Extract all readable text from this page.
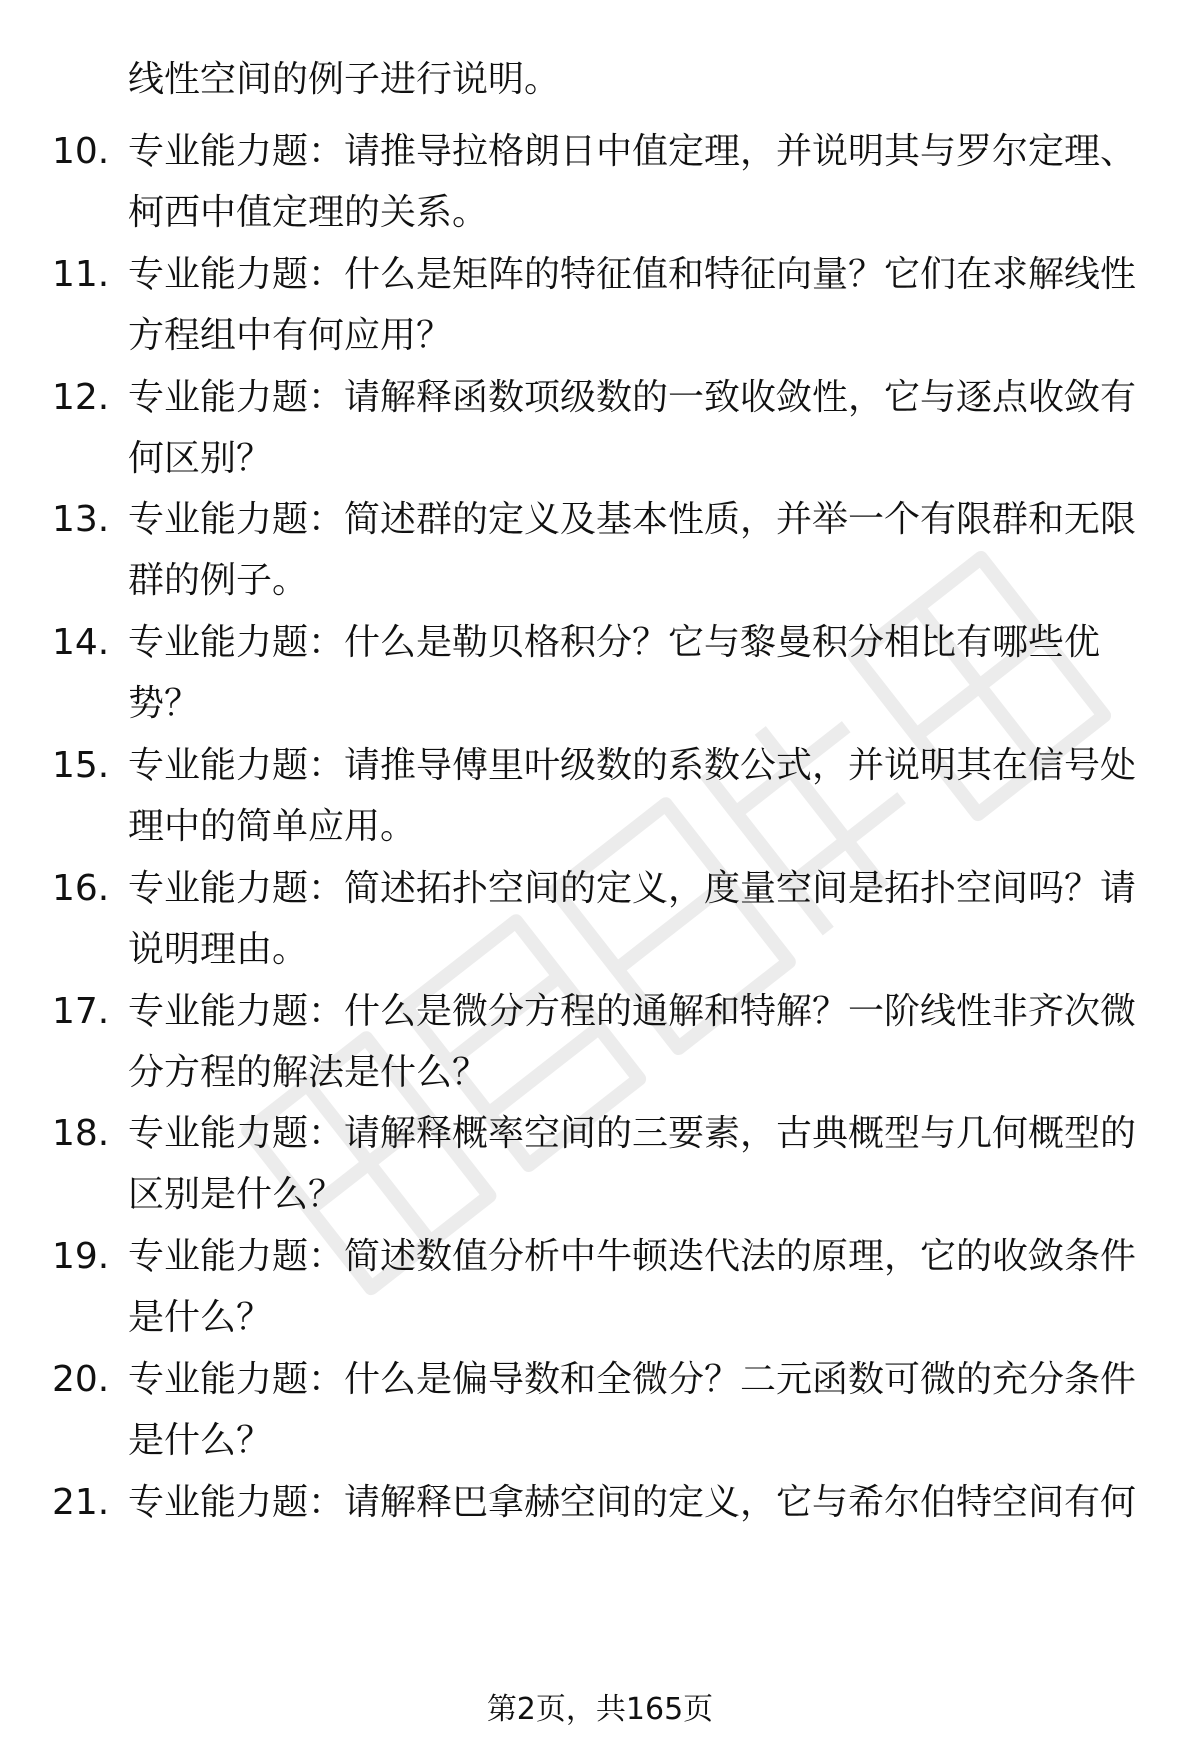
线性空间的例子进行说明。
10. 专业能力题：请推导拉格朗日中值定理，并说明其与罗尔定理、
柯西中值定理的关系。
11. 专业能力题：什么是矩阵的特征值和特征向量？它们在求解线性
方程组中有何应用？
12. 专业能力题：请解释函数项级数的一致收敛性，它与逐点收敛有
何区别？
13. 专业能力题：简述群的定义及基本性质，并举一个有限群和无限
群的例子。
14. 专业能力题：什么是勒贝格积分？它与黎曼积分相比有哪些优
势？
15. 专业能力题：请推导傅里叶级数的系数公式，并说明其在信号处
理中的简单应用。
16. 专业能力题：简述拓扑空间的定义，度量空间是拓扑空间吗？请
说明理由。
17. 专业能力题：什么是微分方程的通解和特解？一阶线性非齐次微
分方程的解法是什么？
18. 专业能力题：请解释概率空间的三要素，古典概型与几何概型的
区别是什么？
19. 专业能力题：简述数值分析中牛顿迭代法的原理，它的收敛条件
是什么？
20. 专业能力题：什么是偏导数和全微分？二元函数可微的充分条件
是什么？
21. 专业能力题：请解释巴拿赫空间的定义，它与希尔伯特空间有何
第2页，共165页
